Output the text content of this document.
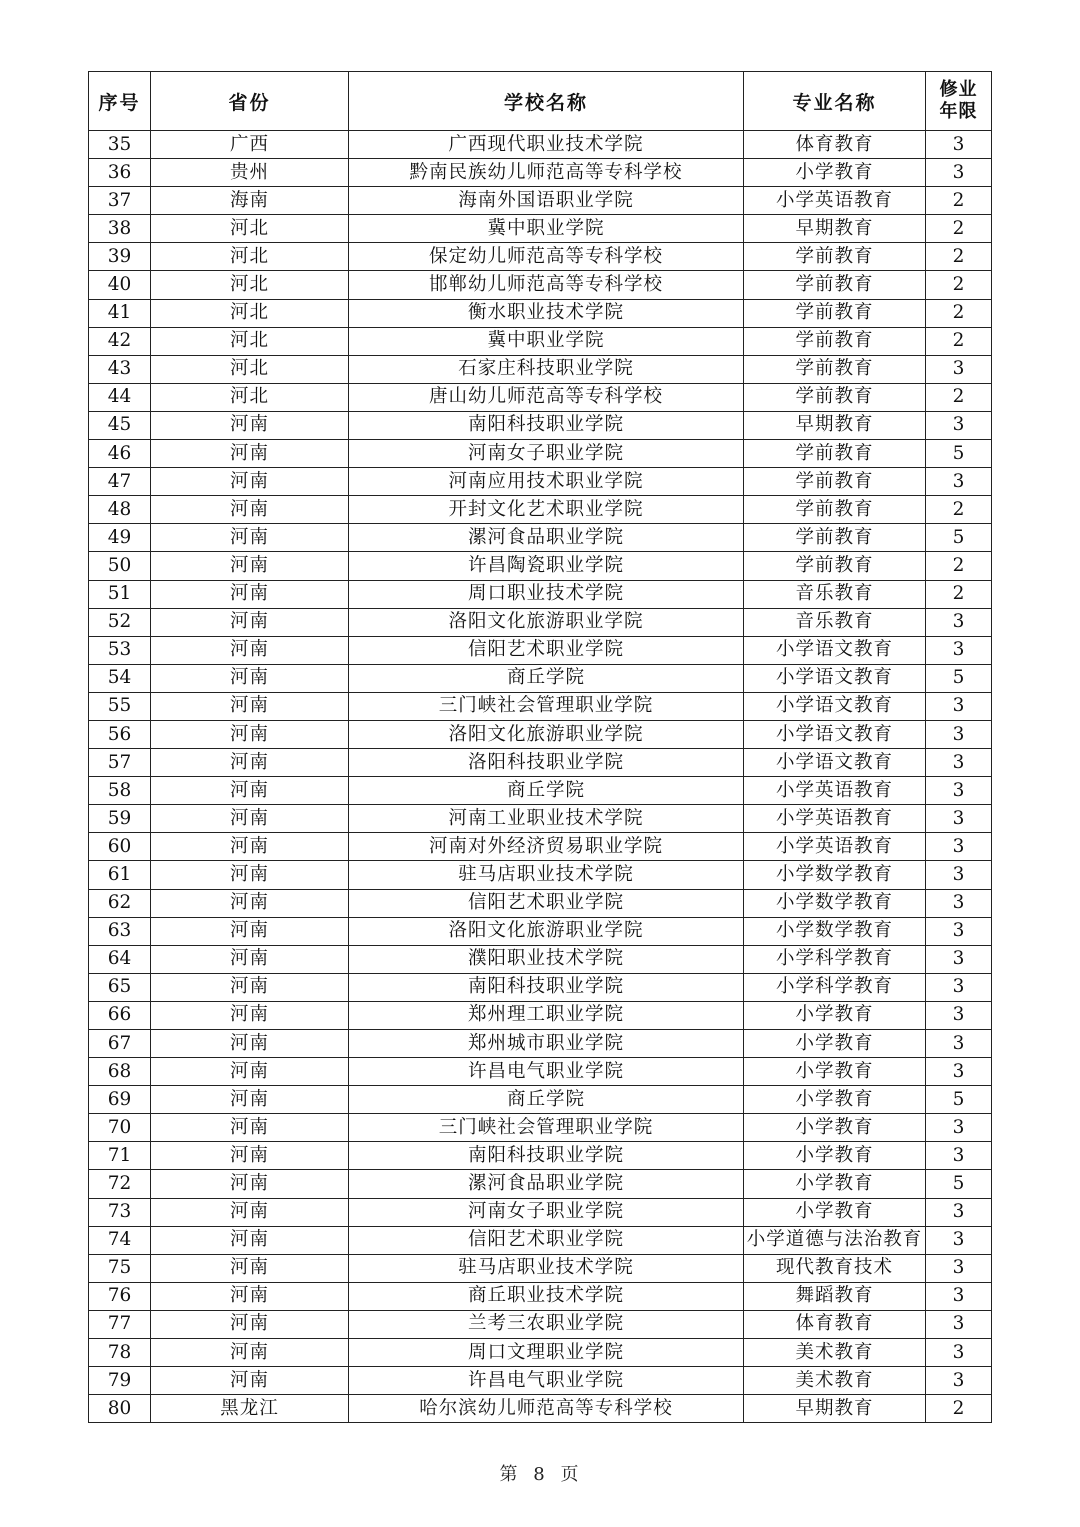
序号	省份	学校名称	专业名称	修业
年限
35	广西	广西现代职业技术学院	体育教育	3
36	贵州	黔南民族幼儿师范高等专科学校	小学教育	3
37	海南	海南外国语职业学院	小学英语教育	2
38	河北	冀中职业学院	早期教育	2
39	河北	保定幼儿师范高等专科学校	学前教育	2
40	河北	邯郸幼儿师范高等专科学校	学前教育	2
41	河北	衡水职业技术学院	学前教育	2
42	河北	冀中职业学院	学前教育	2
43	河北	石家庄科技职业学院	学前教育	3
44	河北	唐山幼儿师范高等专科学校	学前教育	2
45	河南	南阳科技职业学院	早期教育	3
46	河南	河南女子职业学院	学前教育	5
47	河南	河南应用技术职业学院	学前教育	3
48	河南	开封文化艺术职业学院	学前教育	2
49	河南	漯河食品职业学院	学前教育	5
50	河南	许昌陶瓷职业学院	学前教育	2
51	河南	周口职业技术学院	音乐教育	2
52	河南	洛阳文化旅游职业学院	音乐教育	3
53	河南	信阳艺术职业学院	小学语文教育	3
54	河南	商丘学院	小学语文教育	5
55	河南	三门峡社会管理职业学院	小学语文教育	3
56	河南	洛阳文化旅游职业学院	小学语文教育	3
57	河南	洛阳科技职业学院	小学语文教育	3
58	河南	商丘学院	小学英语教育	3
59	河南	河南工业职业技术学院	小学英语教育	3
60	河南	河南对外经济贸易职业学院	小学英语教育	3
61	河南	驻马店职业技术学院	小学数学教育	3
62	河南	信阳艺术职业学院	小学数学教育	3
63	河南	洛阳文化旅游职业学院	小学数学教育	3
64	河南	濮阳职业技术学院	小学科学教育	3
65	河南	南阳科技职业学院	小学科学教育	3
66	河南	郑州理工职业学院	小学教育	3
67	河南	郑州城市职业学院	小学教育	3
68	河南	许昌电气职业学院	小学教育	3
69	河南	商丘学院	小学教育	5
70	河南	三门峡社会管理职业学院	小学教育	3
71	河南	南阳科技职业学院	小学教育	3
72	河南	漯河食品职业学院	小学教育	5
73	河南	河南女子职业学院	小学教育	3
74	河南	信阳艺术职业学院	小学道德与法治教育	3
75	河南	驻马店职业技术学院	现代教育技术	3
76	河南	商丘职业技术学院	舞蹈教育	3
77	河南	兰考三农职业学院	体育教育	3
78	河南	周口文理职业学院	美术教育	3
79	河南	许昌电气职业学院	美术教育	3
80	黑龙江	哈尔滨幼儿师范高等专科学校	早期教育	2
第 8 页
